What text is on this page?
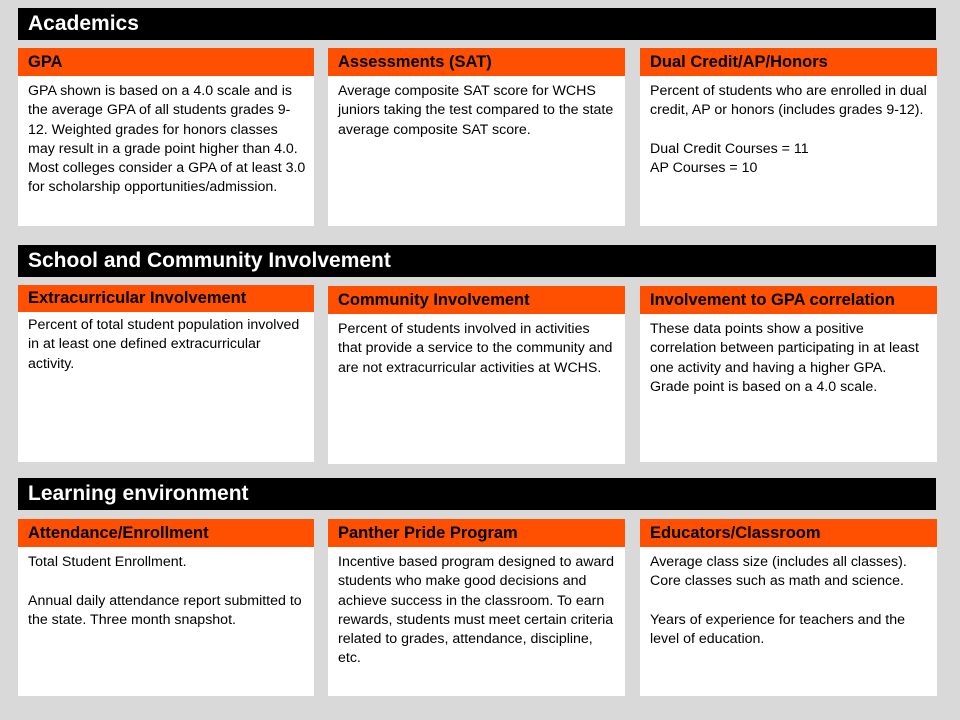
Academics
GPA
GPA shown is based on a 4.0 scale and is the average GPA of all students grades 9-12. Weighted grades for honors classes may result in a grade point higher than 4.0. Most colleges consider a GPA of at least 3.0 for scholarship opportunities/admission.
Assessments (SAT)
Average composite SAT score for WCHS juniors taking the test compared to the state average composite SAT score.
Dual Credit/AP/Honors
Percent of students who are enrolled in dual credit, AP or honors (includes grades 9-12).

Dual Credit Courses = 11
AP Courses = 10
School and Community Involvement
Extracurricular Involvement
Percent of total student population involved in at least one defined extracurricular activity.
Community Involvement
Percent of students involved in activities that provide a service to the community and are not extracurricular activities at WCHS.
Involvement to GPA correlation
These data points show a positive correlation between participating in at least one activity and having a higher GPA. Grade point is based on a 4.0 scale.
Learning environment
Attendance/Enrollment
Total Student Enrollment.

Annual daily attendance report submitted to the state. Three month snapshot.
Panther Pride Program
Incentive based program designed to award students who make good decisions and achieve success in the classroom. To earn rewards, students must meet certain criteria related to grades, attendance, discipline, etc.
Educators/Classroom
Average class size (includes all classes). Core classes such as math and science.

Years of experience for teachers and the level of education.
